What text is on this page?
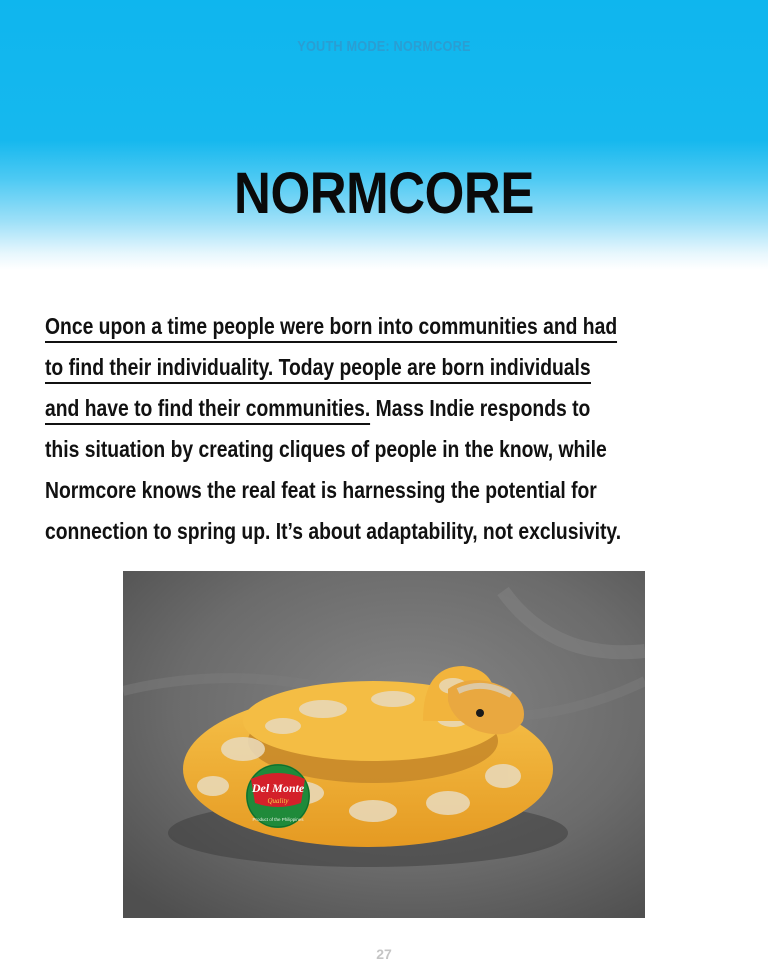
YOUTH MODE: NORMCORE
NORMCORE
Once upon a time people were born into communities and had
to find their individuality. Today people are born individuals
and have to find their communities. Mass Indie responds to
this situation by creating cliques of people in the know, while
Normcore knows the real feat is harnessing the potential for
connection to spring up. It’s about adaptability, not exclusivity.
Del Monte
Quality
Product of the Philippines
27
